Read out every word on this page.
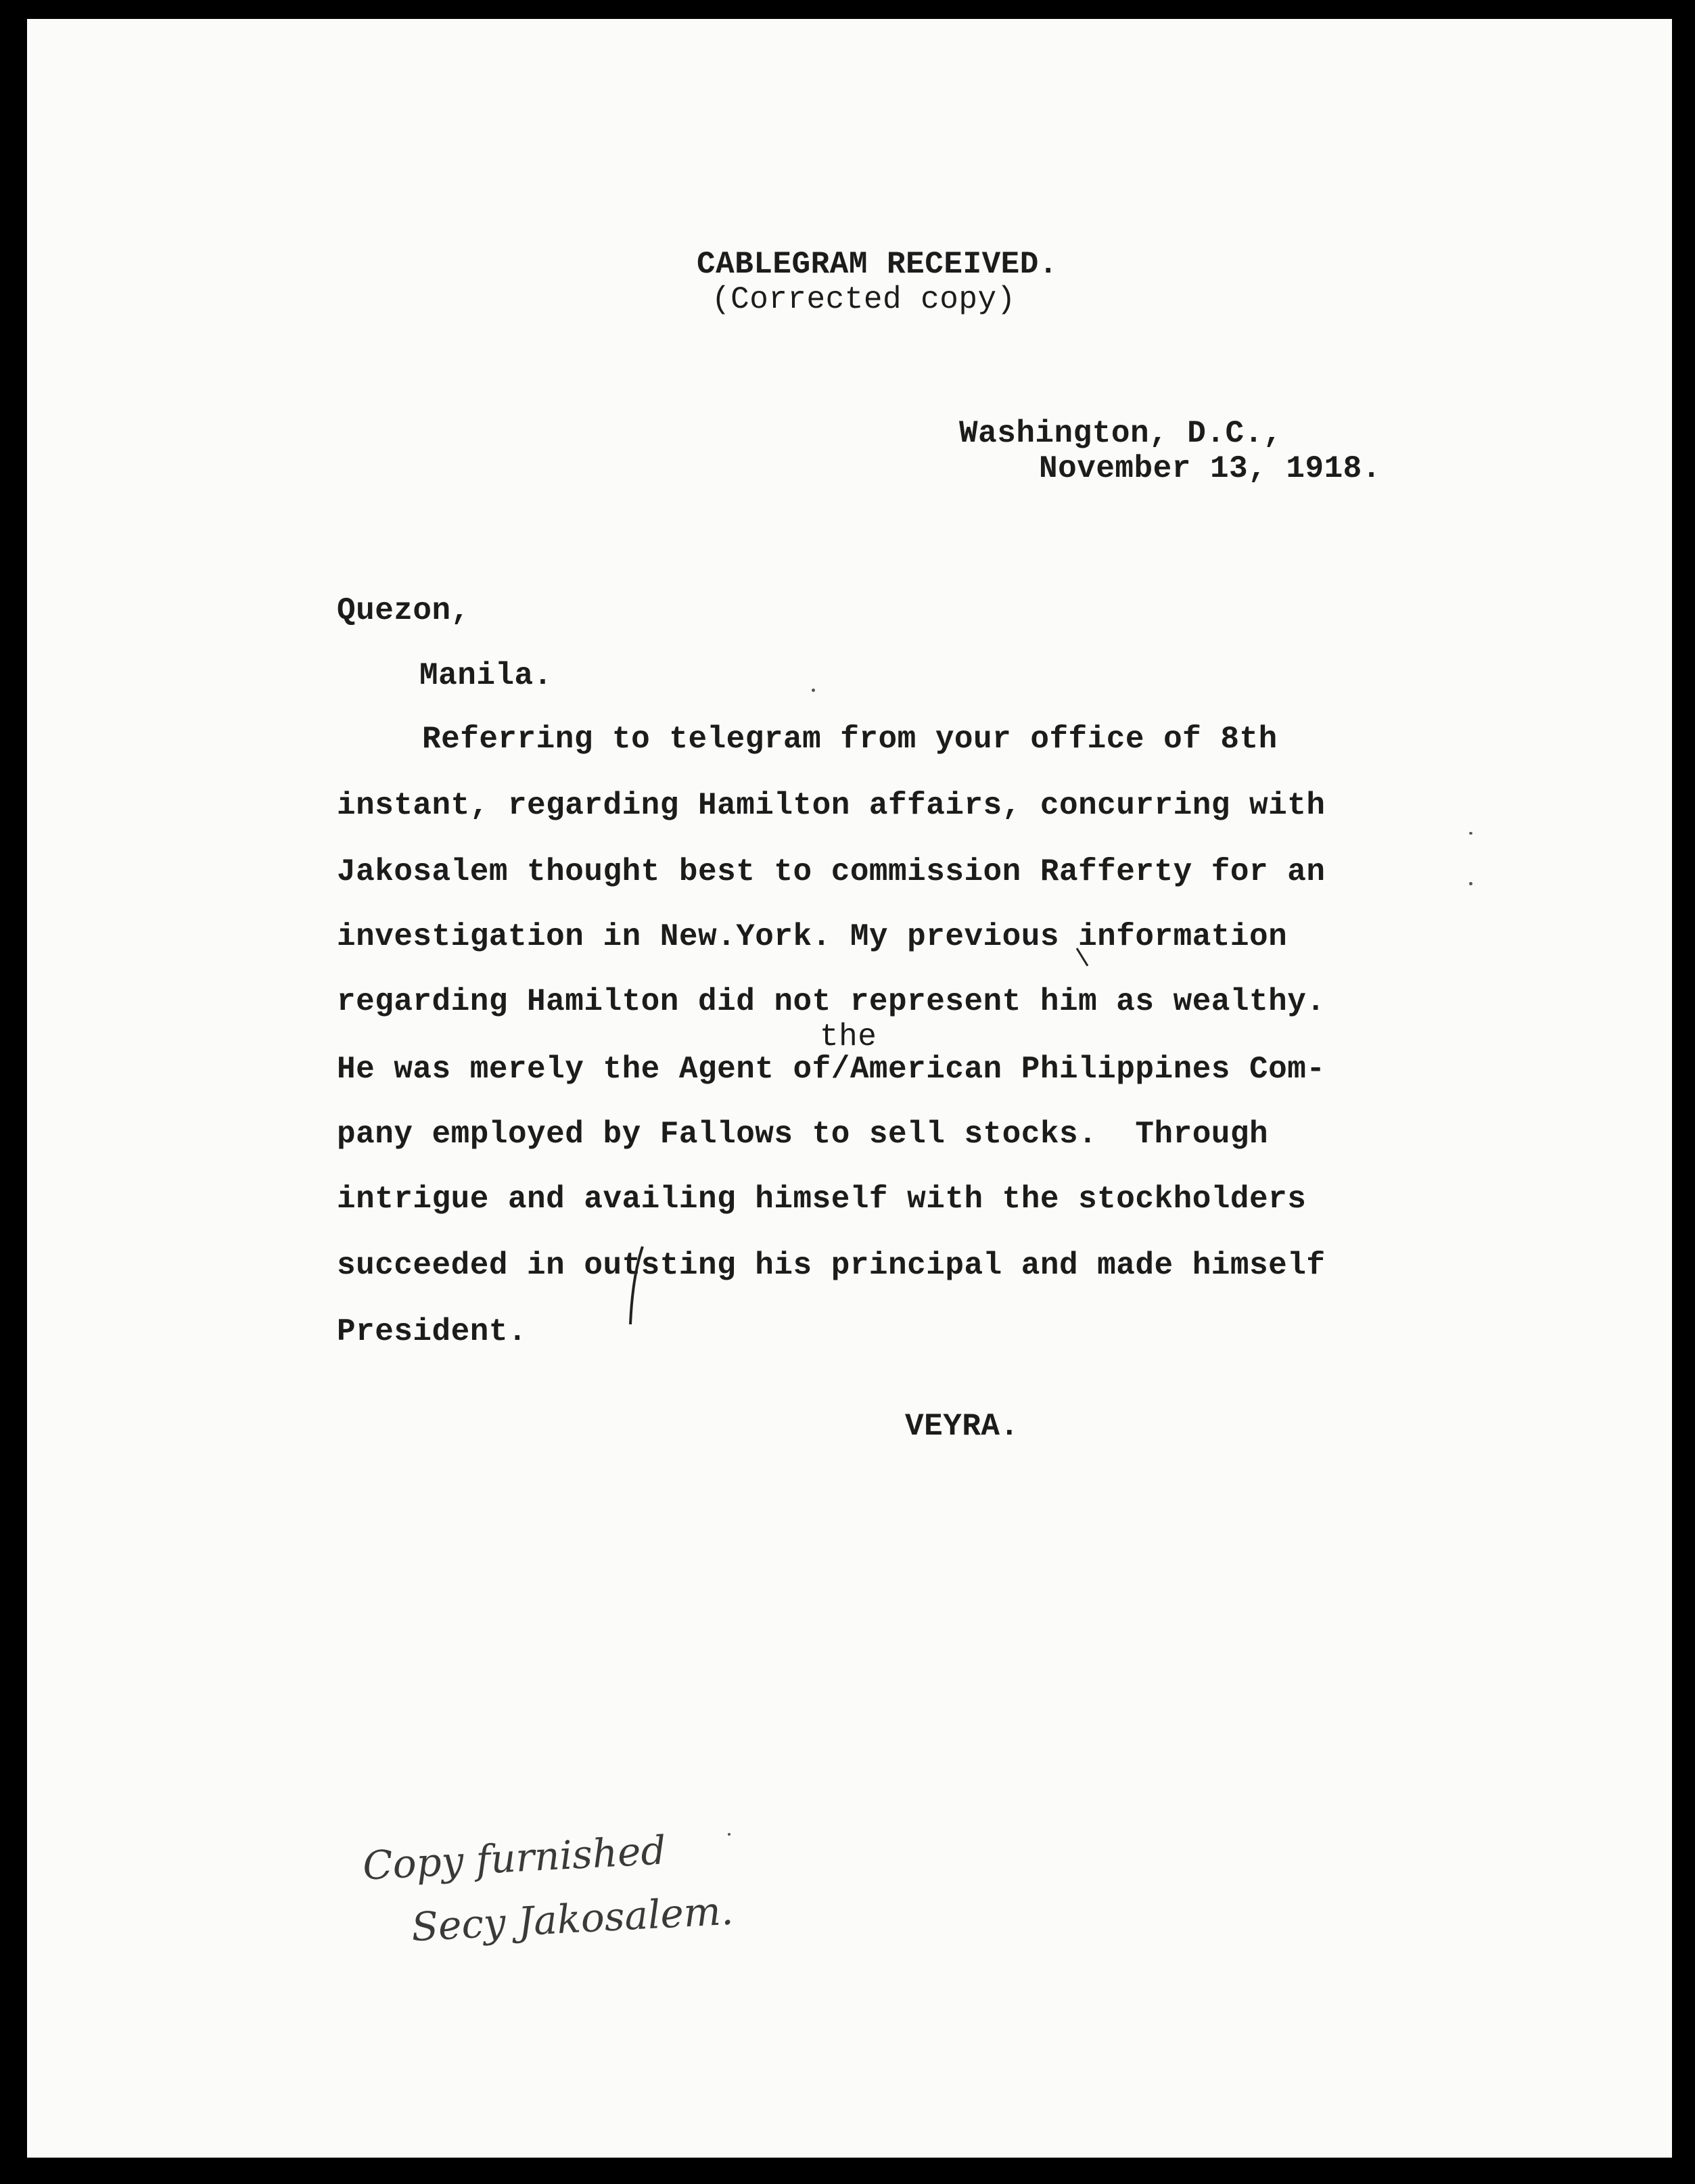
CABLEGRAM RECEIVED.
(Corrected copy)
Washington, D.C.,
November 13, 1918.
Quezon,
Manila.
Referring to telegram from your office of 8th
instant, regarding Hamilton affairs, concurring with
Jakosalem thought best to commission Rafferty for an
investigation in New.York. My previous information
regarding Hamilton did not represent him as wealthy.
the
He was merely the Agent of/American Philippines Com-
pany employed by Fallows to sell stocks.  Through
intrigue and availing himself with the stockholders
succeeded in outsting his principal and made himself
President.
VEYRA.
Copy furnished
Secy Jakosalem.
